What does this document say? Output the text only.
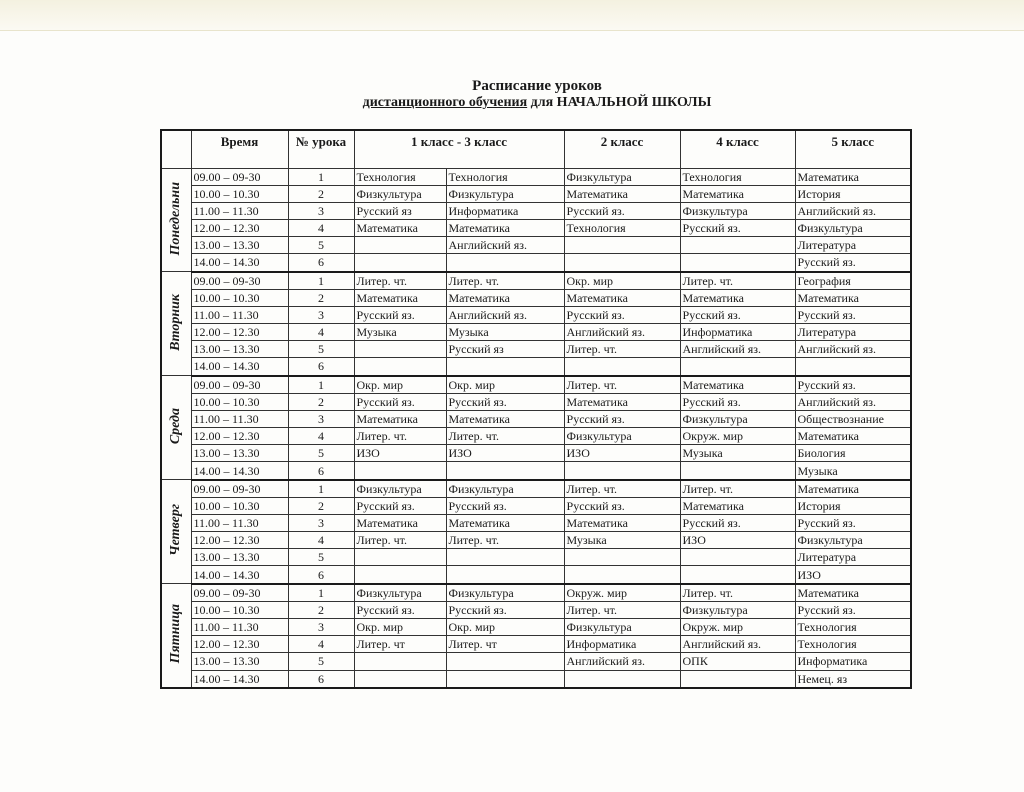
Расписание уроков
дистанционного обучения для НАЧАЛЬНОЙ ШКОЛЫ
	Время	№ урока	1 класс - 3 класс		2 класс	4 класс	5 класс
Понедельни	09.00 – 09-30	1	Технология	Технология	Физкультура	Технология	Математика
	10.00 – 10.30	2	Физкультура	Физкультура	Математика	Математика	История
	11.00 – 11.30	3	Русский яз	Информатика	Русский яз.	Физкультура	Английский яз.
	12.00 – 12.30	4	Математика	Математика	Технология	Русский яз.	Физкультура
	13.00 – 13.30	5		Английский яз.			Литература
	14.00 – 14.30	6					Русский яз.
Вторник	09.00 – 09-30	1	Литер. чт.	Литер. чт.	Окр. мир	Литер. чт.	География
	10.00 – 10.30	2	Математика	Математика	Математика	Математика	Математика
	11.00 – 11.30	3	Русский яз.	Английский яз.	Русский яз.	Русский яз.	Русский яз.
	12.00 – 12.30	4	Музыка	Музыка	Английский яз.	Информатика	Литература
	13.00 – 13.30	5		Русский яз	Литер. чт.	Английский яз.	Английский яз.
	14.00 – 14.30	6					
Среда	09.00 – 09-30	1	Окр. мир	Окр. мир	Литер. чт.	Математика	Русский яз.
	10.00 – 10.30	2	Русский яз.	Русский яз.	Математика	Русский яз.	Английский яз.
	11.00 – 11.30	3	Математика	Математика	Русский яз.	Физкультура	Обществознание
	12.00 – 12.30	4	Литер. чт.	Литер. чт.	Физкультура	Окруж. мир	Математика
	13.00 – 13.30	5	ИЗО	ИЗО	ИЗО	Музыка	Биология
	14.00 – 14.30	6					Музыка
Четверг	09.00 – 09-30	1	Физкультура	Физкультура	Литер. чт.	Литер. чт.	Математика
	10.00 – 10.30	2	Русский яз.	Русский яз.	Русский яз.	Математика	История
	11.00 – 11.30	3	Математика	Математика	Математика	Русский яз.	Русский яз.
	12.00 – 12.30	4	Литер. чт.	Литер. чт.	Музыка	ИЗО	Физкультура
	13.00 – 13.30	5					Литература
	14.00 – 14.30	6					ИЗО
Пятница	09.00 – 09-30	1	Физкультура	Физкультура	Окруж. мир	Литер. чт.	Математика
	10.00 – 10.30	2	Русский яз.	Русский яз.	Литер. чт.	Физкультура	Русский яз.
	11.00 – 11.30	3	Окр. мир	Окр. мир	Физкультура	Окруж. мир	Технология
	12.00 – 12.30	4	Литер. чт	Литер. чт	Информатика	Английский яз.	Технология
	13.00 – 13.30	5			Английский яз.	ОПК	Информатика
	14.00 – 14.30	6					Немец. яз
